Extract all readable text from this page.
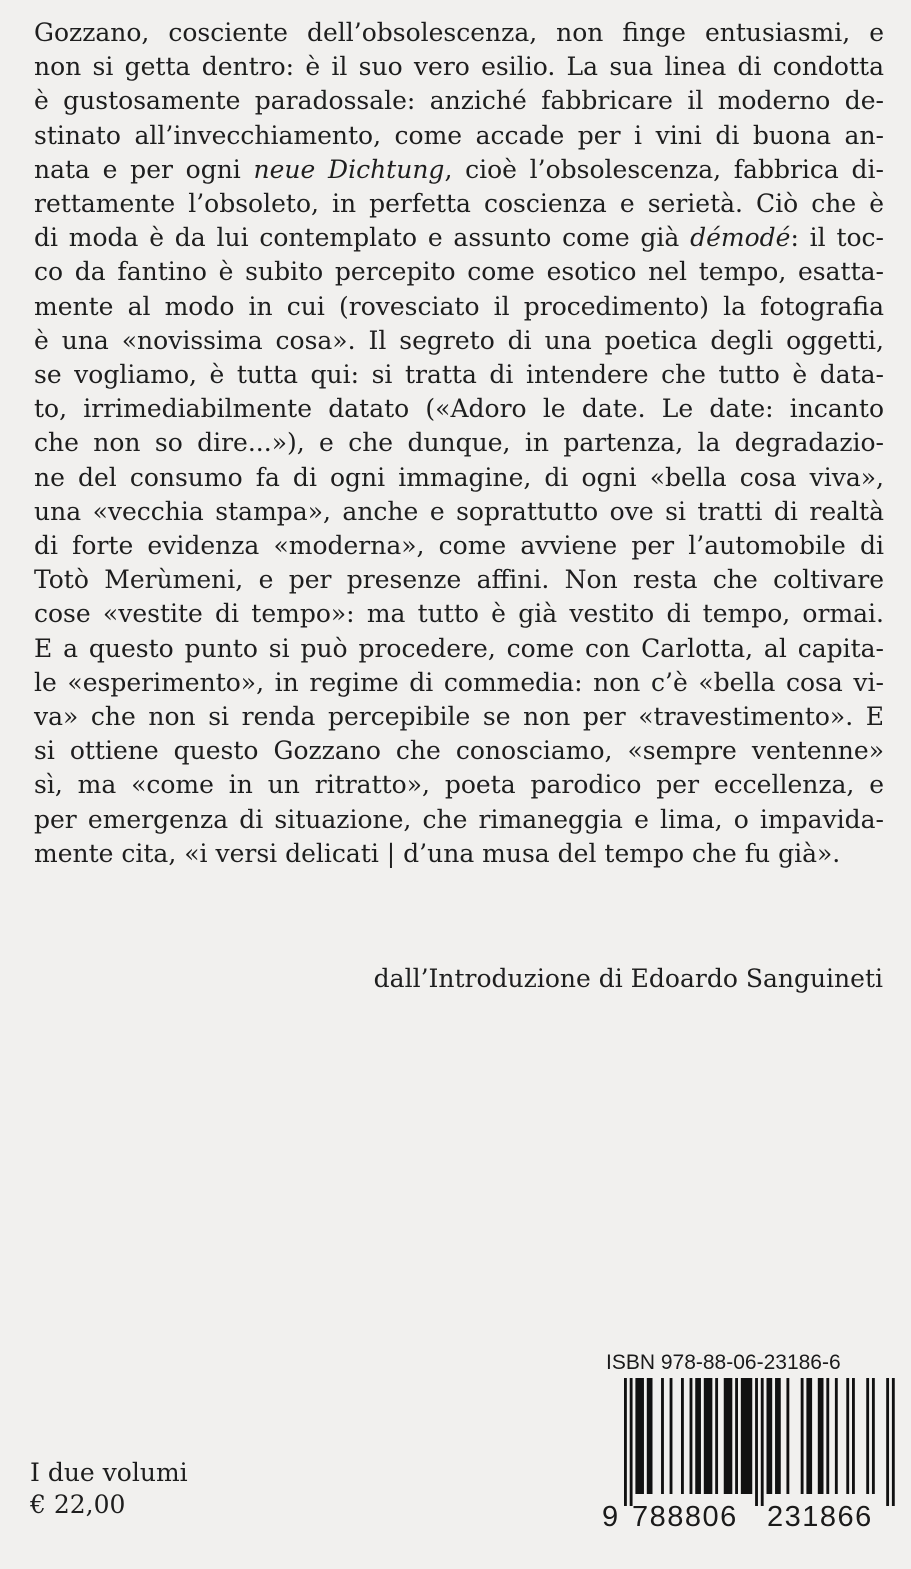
Gozzano, cosciente dell’obsolescenza, non finge entusiasmi, e
non si getta dentro: è il suo vero esilio. La sua linea di condotta
è gustosamente paradossale: anziché fabbricare il moderno de-
stinato all’invecchiamento, come accade per i vini di buona an-
nata e per ogni neue Dichtung, cioè l’obsolescenza, fabbrica di-
rettamente l’obsoleto, in perfetta coscienza e serietà. Ciò che è
di moda è da lui contemplato e assunto come già démodé: il toc-
co da fantino è subito percepito come esotico nel tempo, esatta-
mente al modo in cui (rovesciato il procedimento) la fotografia
è una «novissima cosa». Il segreto di una poetica degli oggetti,
se vogliamo, è tutta qui: si tratta di intendere che tutto è data-
to, irrimediabilmente datato («Adoro le date. Le date: incanto
che non so dire...»), e che dunque, in partenza, la degradazio-
ne del consumo fa di ogni immagine, di ogni «bella cosa viva»,
una «vecchia stampa», anche e soprattutto ove si tratti di realtà
di forte evidenza «moderna», come avviene per l’automobile di
Totò Merùmeni, e per presenze affini. Non resta che coltivare
cose «vestite di tempo»: ma tutto è già vestito di tempo, ormai.
E a questo punto si può procedere, come con Carlotta, al capita-
le «esperimento», in regime di commedia: non c’è «bella cosa vi-
va» che non si renda percepibile se non per «travestimento». E
si ottiene questo Gozzano che conosciamo, «sempre ventenne»
sì, ma «come in un ritratto», poeta parodico per eccellenza, e
per emergenza di situazione, che rimaneggia e lima, o impavida-
mente cita, «i versi delicati | d’una musa del tempo che fu già».

dall’Introduzione di Edoardo Sanguineti

I due volumi
€ 22,00
ISBN 978-88-06-23186-6
9 788806 231866
